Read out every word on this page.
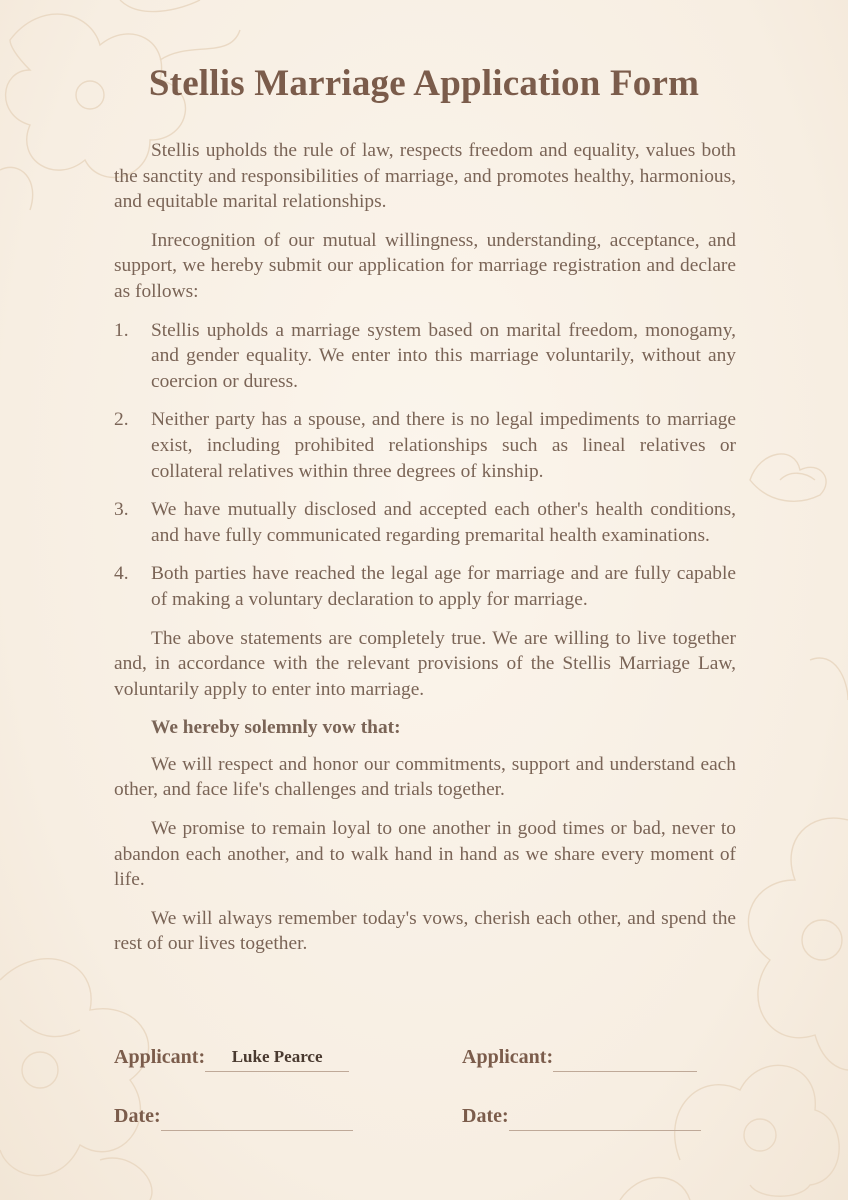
Stellis Marriage Application Form

Stellis upholds the rule of law, respects freedom and equality, values both the sanctity and responsibilities of marriage, and promotes healthy, harmonious, and equitable marital relationships.

Inrecognition of our mutual willingness, understanding, acceptance, and support, we hereby submit our application for marriage registration and declare as follows:

1. Stellis upholds a marriage system based on marital freedom, monogamy, and gender equality. We enter into this marriage voluntarily, without any coercion or duress.
2. Neither party has a spouse, and there is no legal impediments to marriage exist, including prohibited relationships such as lineal relatives or collateral relatives within three degrees of kinship.
3. We have mutually disclosed and accepted each other's health conditions, and have fully communicated regarding premarital health examinations.
4. Both parties have reached the legal age for marriage and are fully capable of making a voluntary declaration to apply for marriage.

The above statements are completely true. We are willing to live together and, in accordance with the relevant provisions of the Stellis Marriage Law, voluntarily apply to enter into marriage.

We hereby solemnly vow that:

We will respect and honor our commitments, support and understand each other, and face life's challenges and trials together.

We promise to remain loyal to one another in good times or bad, never to abandon each another, and to walk hand in hand as we share every moment of life.

We will always remember today's vows, cherish each other, and spend the rest of our lives together.

Applicant: Luke Pearce	Applicant:
Date:	Date:
